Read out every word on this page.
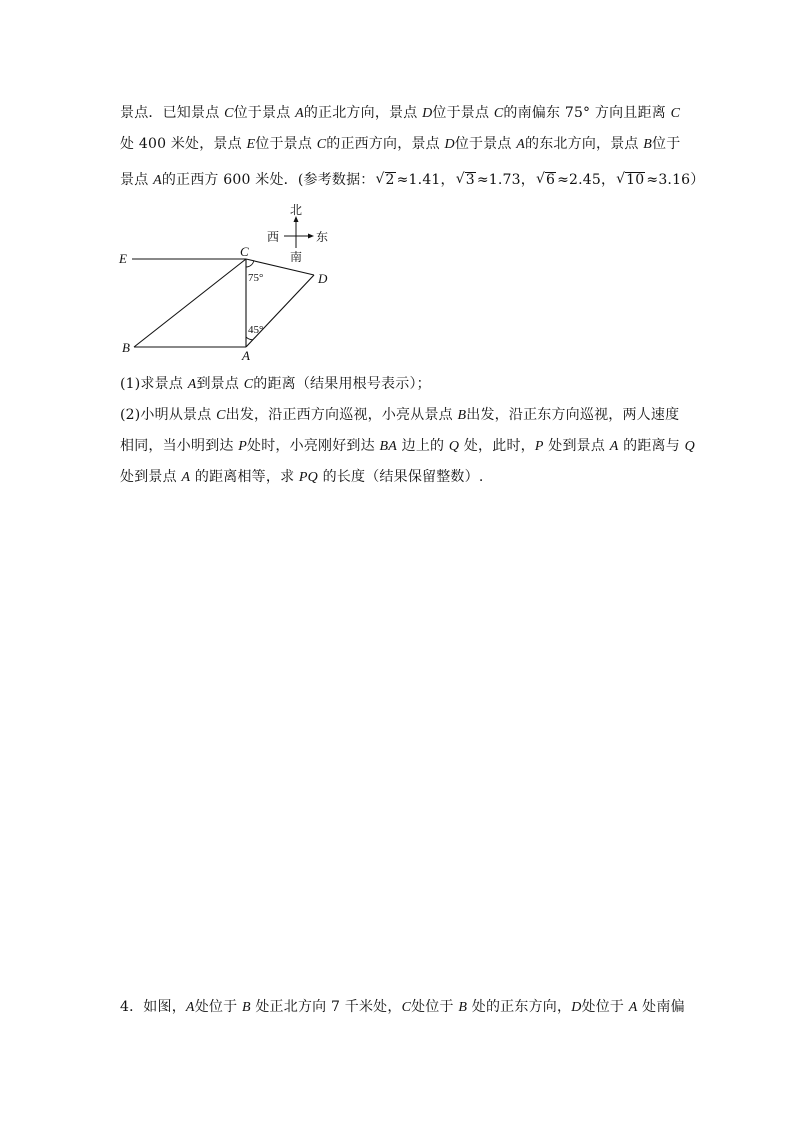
景点．已知景点 C位于景点 A的正北方向，景点 D位于景点 C的南偏东 75° 方向且距离 C
处 400 米处，景点 E位于景点 C的正西方向，景点 D位于景点 A的东北方向，景点 B位于
景点 A的正西方 600 米处．(参考数据： √ 2 ≈1.41， √ 3 ≈1.73， √ 6 ≈2.45， √ 10 ≈3.16）
北
西	东
南
E	C
D
B
A
75°
45°
(1)求景点 A到景点 C的距离（结果用根号表示）；
(2)小明从景点 C出发，沿正西方向巡视，小亮从景点 B出发，沿正东方向巡视，两人速度
相同，当小明到达 P处时，小亮刚好到达 BA 边上的 Q 处，此时，P 处到景点 A 的距离与 Q
处到景点 A 的距离相等，求 PQ 的长度（结果保留整数）.
4．如图，A处位于 B 处正北方向 7 千米处，C处位于 B 处的正东方向，D处位于 A 处南偏
